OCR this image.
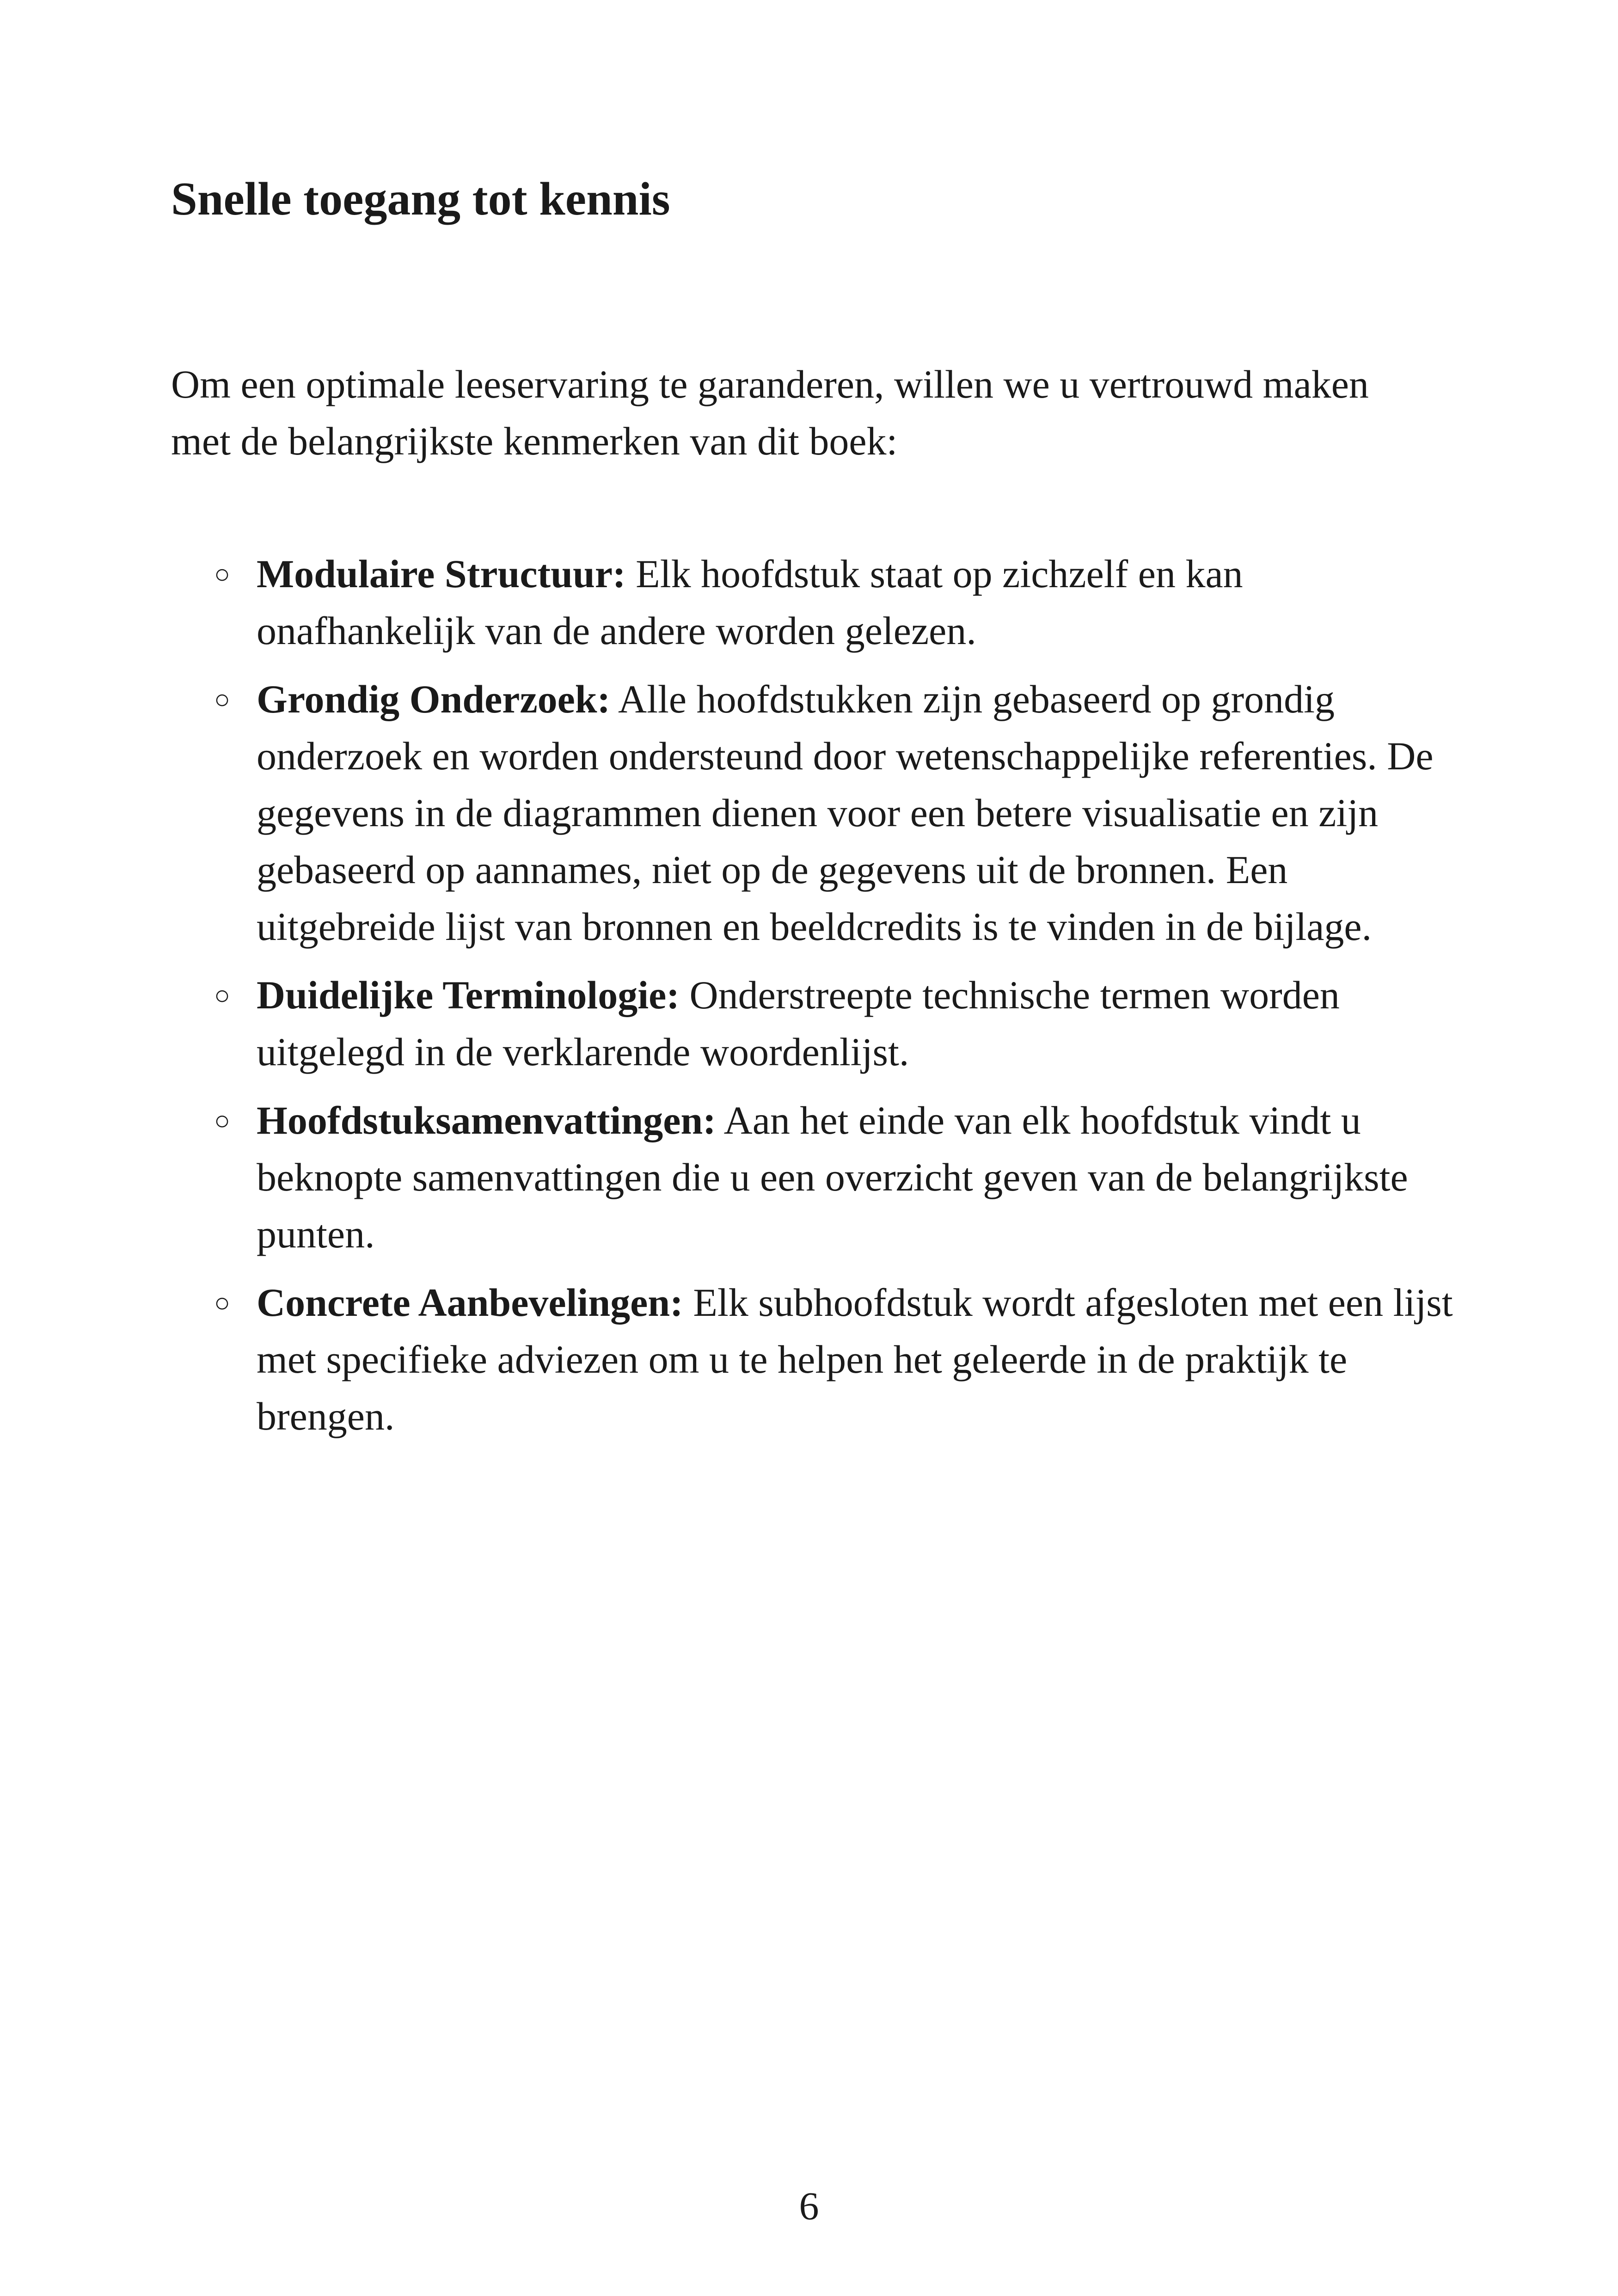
Snelle toegang tot kennis

Om een optimale leeservaring te garanderen, willen we u vertrouwd maken met de belangrijkste kenmerken van dit boek:

○ Modulaire Structuur: Elk hoofdstuk staat op zichzelf en kan onafhankelijk van de andere worden gelezen.
○ Grondig Onderzoek: Alle hoofdstukken zijn gebaseerd op grondig onderzoek en worden ondersteund door wetenschappelijke referenties. De gegevens in de diagrammen dienen voor een betere visualisatie en zijn gebaseerd op aannames, niet op de gegevens uit de bronnen. Een uitgebreide lijst van bronnen en beeldcredits is te vinden in de bijlage.
○ Duidelijke Terminologie: Onderstreepte technische termen worden uitgelegd in de verklarende woordenlijst.
○ Hoofdstuksamenvattingen: Aan het einde van elk hoofdstuk vindt u beknopte samenvattingen die u een overzicht geven van de belangrijkste punten.
○ Concrete Aanbevelingen: Elk subhoofdstuk wordt afgesloten met een lijst met specifieke adviezen om u te helpen het geleerde in de praktijk te brengen.
6
